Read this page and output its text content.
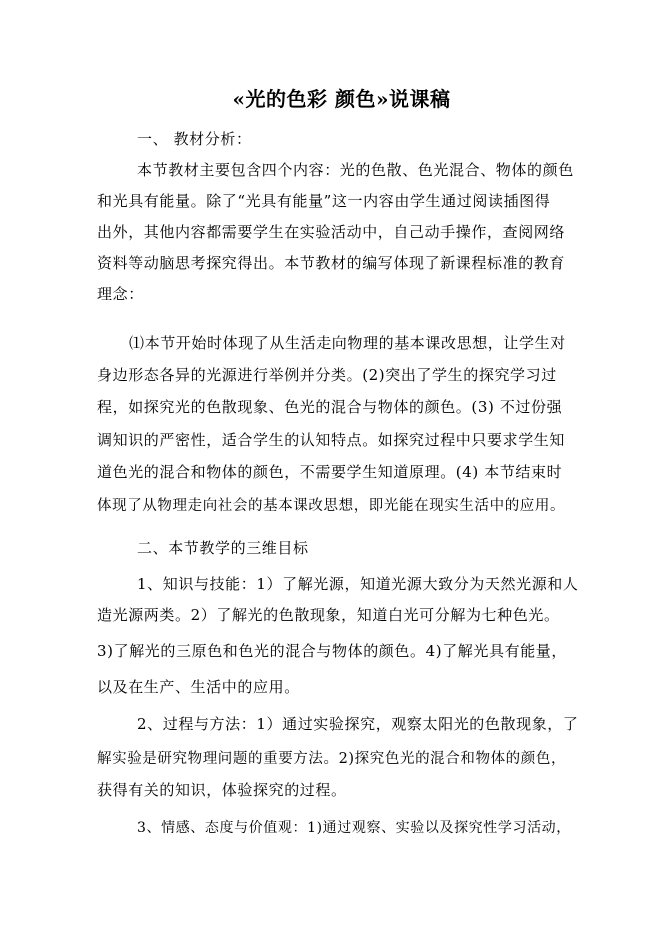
«光的色彩 颜色»说课稿
一、 教材分析：
本节教材主要包含四个内容：光的色散、色光混合、物体的颜色
和光具有能量。除了“光具有能量”这一内容由学生通过阅读插图得
出外，其他内容都需要学生在实验活动中，自己动手操作，查阅网络
资料等动脑思考探究得出。本节教材的编写体现了新课程标准的教育
理念：
⑴本节开始时体现了从生活走向物理的基本课改思想，让学生对
身边形态各异的光源进行举例并分类。(2)突出了学生的探究学习过
程，如探究光的色散现象、色光的混合与物体的颜色。(3) 不过份强
调知识的严密性，适合学生的认知特点。如探究过程中只要求学生知
道色光的混合和物体的颜色，不需要学生知道原理。(4) 本节结束时
体现了从物理走向社会的基本课改思想，即光能在现实生活中的应用。
二、本节教学的三维目标
1、知识与技能：1）了解光源，知道光源大致分为天然光源和人
造光源两类。2）了解光的色散现象，知道白光可分解为七种色光。
3)了解光的三原色和色光的混合与物体的颜色。4)了解光具有能量，
以及在生产、生活中的应用。
2、过程与方法：1）通过实验探究，观察太阳光的色散现象，了
解实验是研究物理问题的重要方法。2)探究色光的混合和物体的颜色，
获得有关的知识，体验探究的过程。
3、情感、态度与价值观：1)通过观察、实验以及探究性学习活动，
